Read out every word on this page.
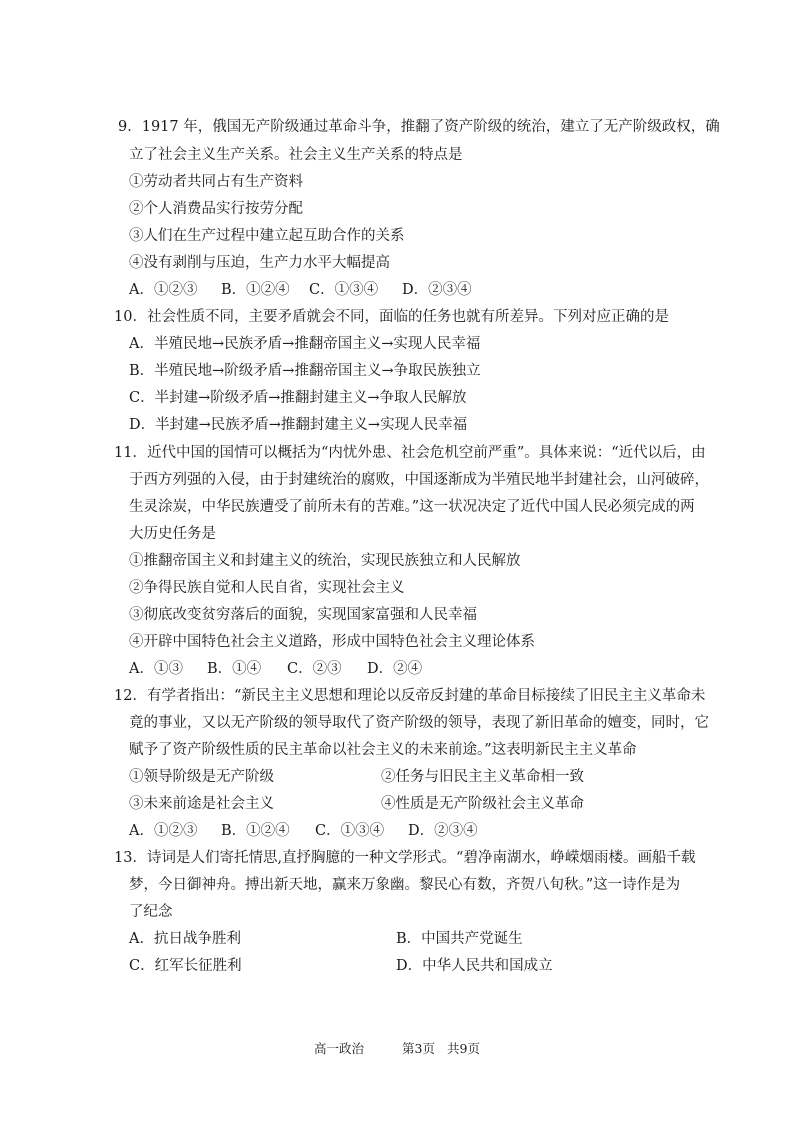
9．1917 年，俄国无产阶级通过革命斗争，推翻了资产阶级的统治，建立了无产阶级政权，确
立了社会主义生产关系。社会主义生产关系的特点是
①劳动者共同占有生产资料
②个人消费品实行按劳分配
③人们在生产过程中建立起互助合作的关系
④没有剥削与压迫，生产力水平大幅提高
A．①②③ B．①②④ C．①③④ D．②③④
10．社会性质不同，主要矛盾就会不同，面临的任务也就有所差异。下列对应正确的是
A．半殖民地→民族矛盾→推翻帝国主义→实现人民幸福
B．半殖民地→阶级矛盾→推翻帝国主义→争取民族独立
C．半封建→阶级矛盾→推翻封建主义→争取人民解放
D．半封建→民族矛盾→推翻封建主义→实现人民幸福
11．近代中国的国情可以概括为“内忧外患、社会危机空前严重”。具体来说：“近代以后，由
于西方列强的入侵，由于封建统治的腐败，中国逐渐成为半殖民地半封建社会，山河破碎，
生灵涂炭，中华民族遭受了前所未有的苦难。”这一状况决定了近代中国人民必须完成的两
大历史任务是
①推翻帝国主义和封建主义的统治，实现民族独立和人民解放
②争得民族自觉和人民自省，实现社会主义
③彻底改变贫穷落后的面貌，实现国家富强和人民幸福
④开辟中国特色社会主义道路，形成中国特色社会主义理论体系
A．①③ B．①④ C．②③ D．②④
12．有学者指出：“新民主主义思想和理论以反帝反封建的革命目标接续了旧民主主义革命未
竟的事业，又以无产阶级的领导取代了资产阶级的领导，表现了新旧革命的嬗变，同时，它
赋予了资产阶级性质的民主革命以社会主义的未来前途。”这表明新民主主义革命
①领导阶级是无产阶级	②任务与旧民主主义革命相一致
③未来前途是社会主义	④性质是无产阶级社会主义革命
A．①②③ B．①②④ C．①③④ D．②③④
13．诗词是人们寄托情思,直抒胸臆的一种文学形式。“碧净南湖水，峥嵘烟雨楼。画船千载
梦，今日御神舟。搏出新天地，赢来万象幽。黎民心有数，齐贺八旬秋。”这一诗作是为
了纪念
A．抗日战争胜利	B．中国共产党诞生
C．红军长征胜利	D．中华人民共和国成立
高一政治	第3页 共9页
